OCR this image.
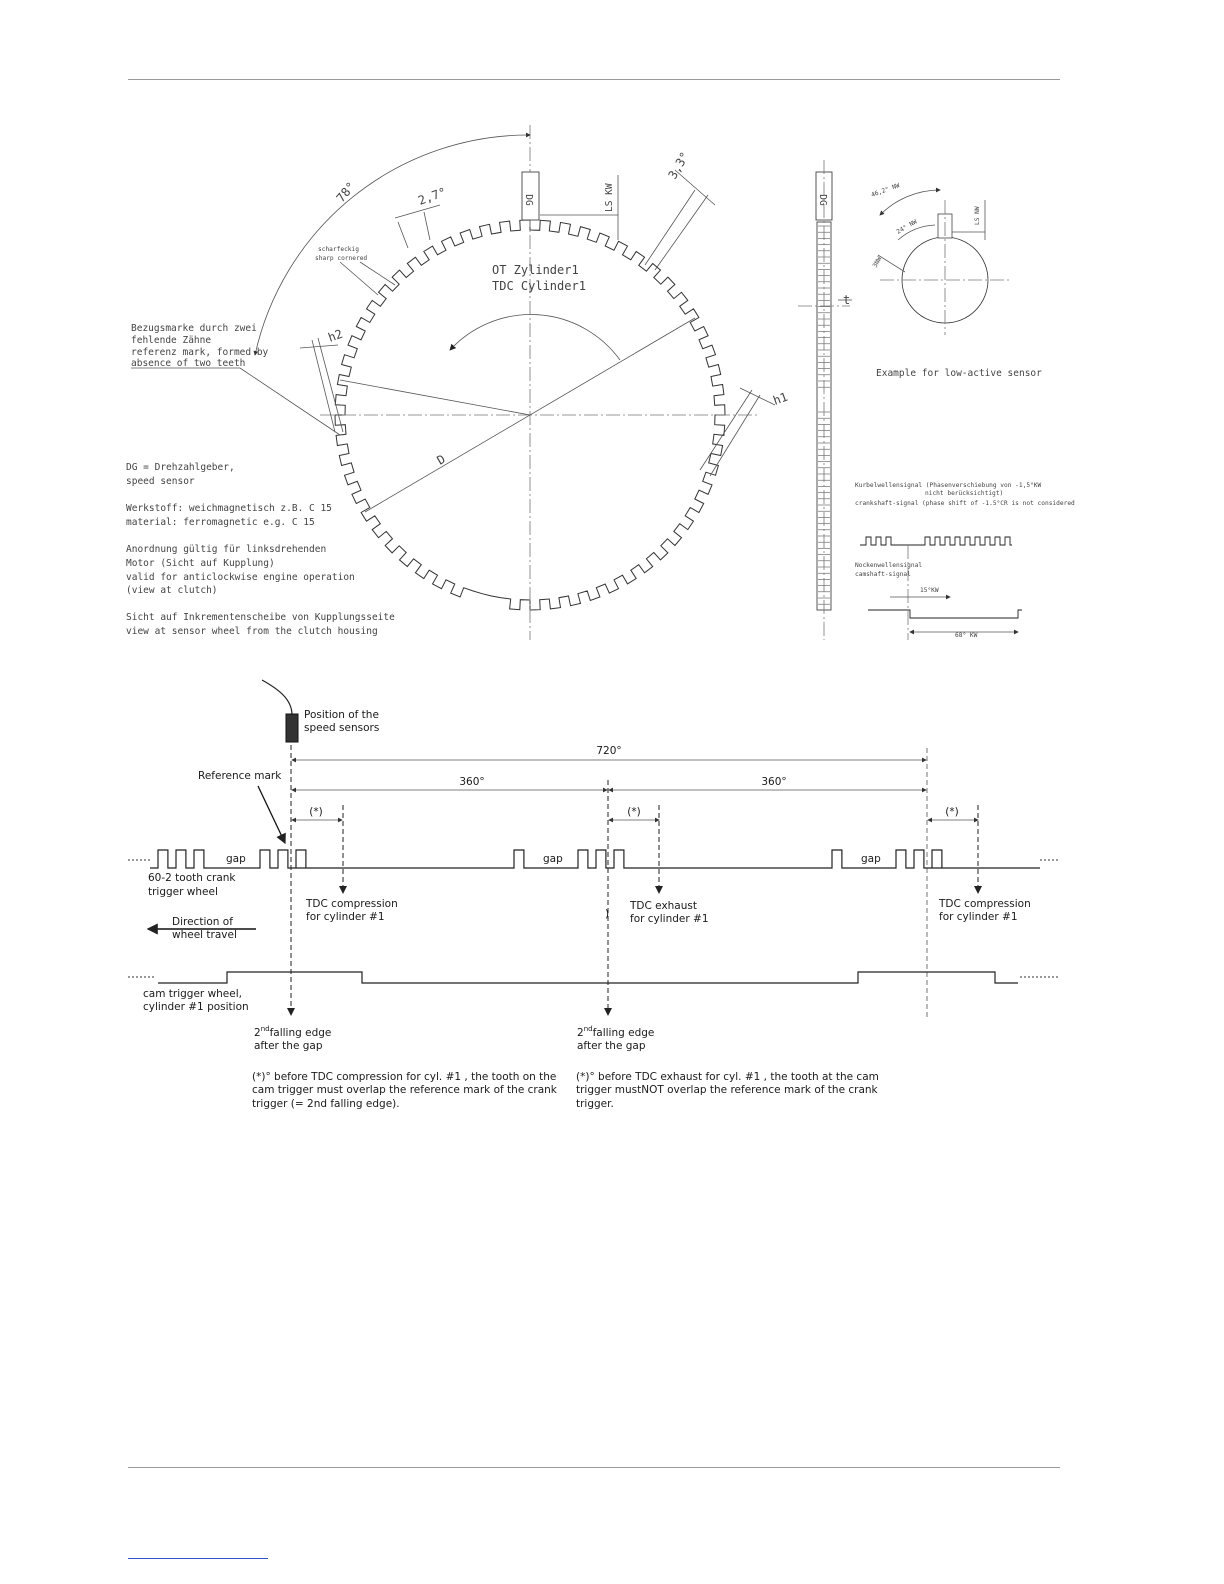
78°	2,7°
3,3°
DG	LS KW
scharfeckig
sharp cornered
OT Zylinder1
TDC Cylinder1
Bezugsmarke durch zwei
fehlende Zähne
referenz mark, formed by
absence of two teeth
h2
h1
D
DG = Drehzahlgeber,
speed sensor
Werkstoff: weichmagnetisch z.B. C 15
material: ferromagnetic e.g. C 15
Anordnung gültig für linksdrehenden
Motor (Sicht auf Kupplung)
valid for anticlockwise engine operation
(view at clutch)
Sicht auf Inkrementenscheibe von Kupplungsseite
view at sensor wheel from the clutch housing
DG
t
46,2° NW
24° NW
3NW
LS NW
Example for low-active sensor
Kurbelwellensignal (Phasenverschiebung von -1,5°KW
nicht berücksichtigt)
crankshaft-signal (phase shift of -1.5°CR is not considered
Nockenwellensignal
camshaft-signal
15°KW
68° KW
Position of the
speed sensors
720°
360°	360°
Reference mark
(*)	(*)	(*)
gap	gap	gap
60-2 tooth crank
trigger wheel
Direction of
wheel travel
TDC compression
for cylinder #1	)
TDC exhaust
for cylinder #1
TDC compression
for cylinder #1
cam trigger wheel,
cylinder #1 position
2ndfalling edge
after the gap
2ndfalling edge
after the gap
(*)° before TDC compression for cyl. #1 , the tooth on the
cam trigger must overlap the reference mark of the crank
trigger (= 2nd falling edge).
(*)° before TDC exhaust for cyl. #1 , the tooth at the cam
trigger mustNOT overlap the reference mark of the crank
trigger.
